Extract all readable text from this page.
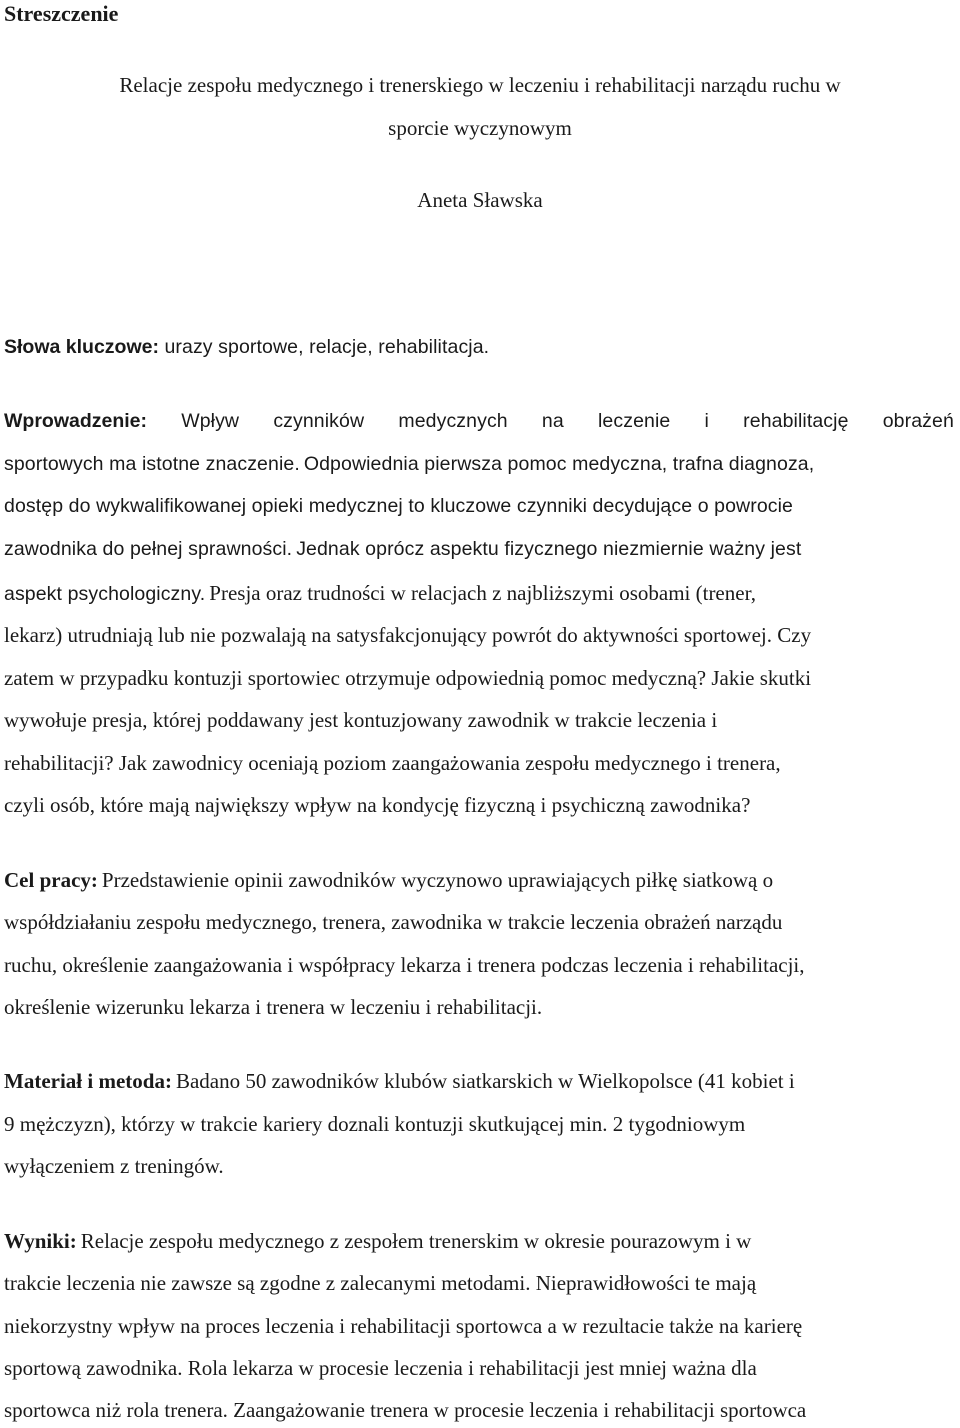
Streszczenie
Relacje zespołu medycznego i trenerskiego w leczeniu i rehabilitacji narządu ruchu w
sporcie wyczynowym
Aneta Sławska
Słowa kluczowe: urazy sportowe, relacje, rehabilitacja.
Wprowadzenie: Wpływ czynników medycznych na leczenie i rehabilitację obrażeń
sportowych ma istotne znaczenie. Odpowiednia pierwsza pomoc medyczna, trafna diagnoza,
dostęp do wykwalifikowanej opieki medycznej to kluczowe czynniki decydujące o powrocie
zawodnika do pełnej sprawności. Jednak oprócz aspektu fizycznego niezmiernie ważny jest
aspekt psychologiczny. Presja oraz trudności w relacjach z najbliższymi osobami (trener,
lekarz) utrudniają lub nie pozwalają na satysfakcjonujący powrót do aktywności sportowej. Czy
zatem w przypadku kontuzji sportowiec otrzymuje odpowiednią pomoc medyczną? Jakie skutki
wywołuje presja, której poddawany jest kontuzjowany zawodnik w trakcie leczenia i
rehabilitacji? Jak zawodnicy oceniają poziom zaangażowania zespołu medycznego i trenera,
czyli osób, które mają największy wpływ na kondycję fizyczną i psychiczną zawodnika?
Cel pracy: Przedstawienie opinii zawodników wyczynowo uprawiających piłkę siatkową o
współdziałaniu zespołu medycznego, trenera, zawodnika w trakcie leczenia obrażeń narządu
ruchu, określenie zaangażowania i współpracy lekarza i trenera podczas leczenia i rehabilitacji,
określenie wizerunku lekarza i trenera w leczeniu i rehabilitacji.
Materiał i metoda: Badano 50 zawodników klubów siatkarskich w Wielkopolsce (41 kobiet i
9 mężczyzn), którzy w trakcie kariery doznali kontuzji skutkującej min. 2 tygodniowym
wyłączeniem z treningów.
Wyniki: Relacje zespołu medycznego z zespołem trenerskim w okresie pourazowym i w
trakcie leczenia nie zawsze są zgodne z zalecanymi metodami. Nieprawidłowości te mają
niekorzystny wpływ na proces leczenia i rehabilitacji sportowca a w rezultacie także na karierę
sportową zawodnika. Rola lekarza w procesie leczenia i rehabilitacji jest mniej ważna dla
sportowca niż rola trenera. Zaangażowanie trenera w procesie leczenia i rehabilitacji sportowca
